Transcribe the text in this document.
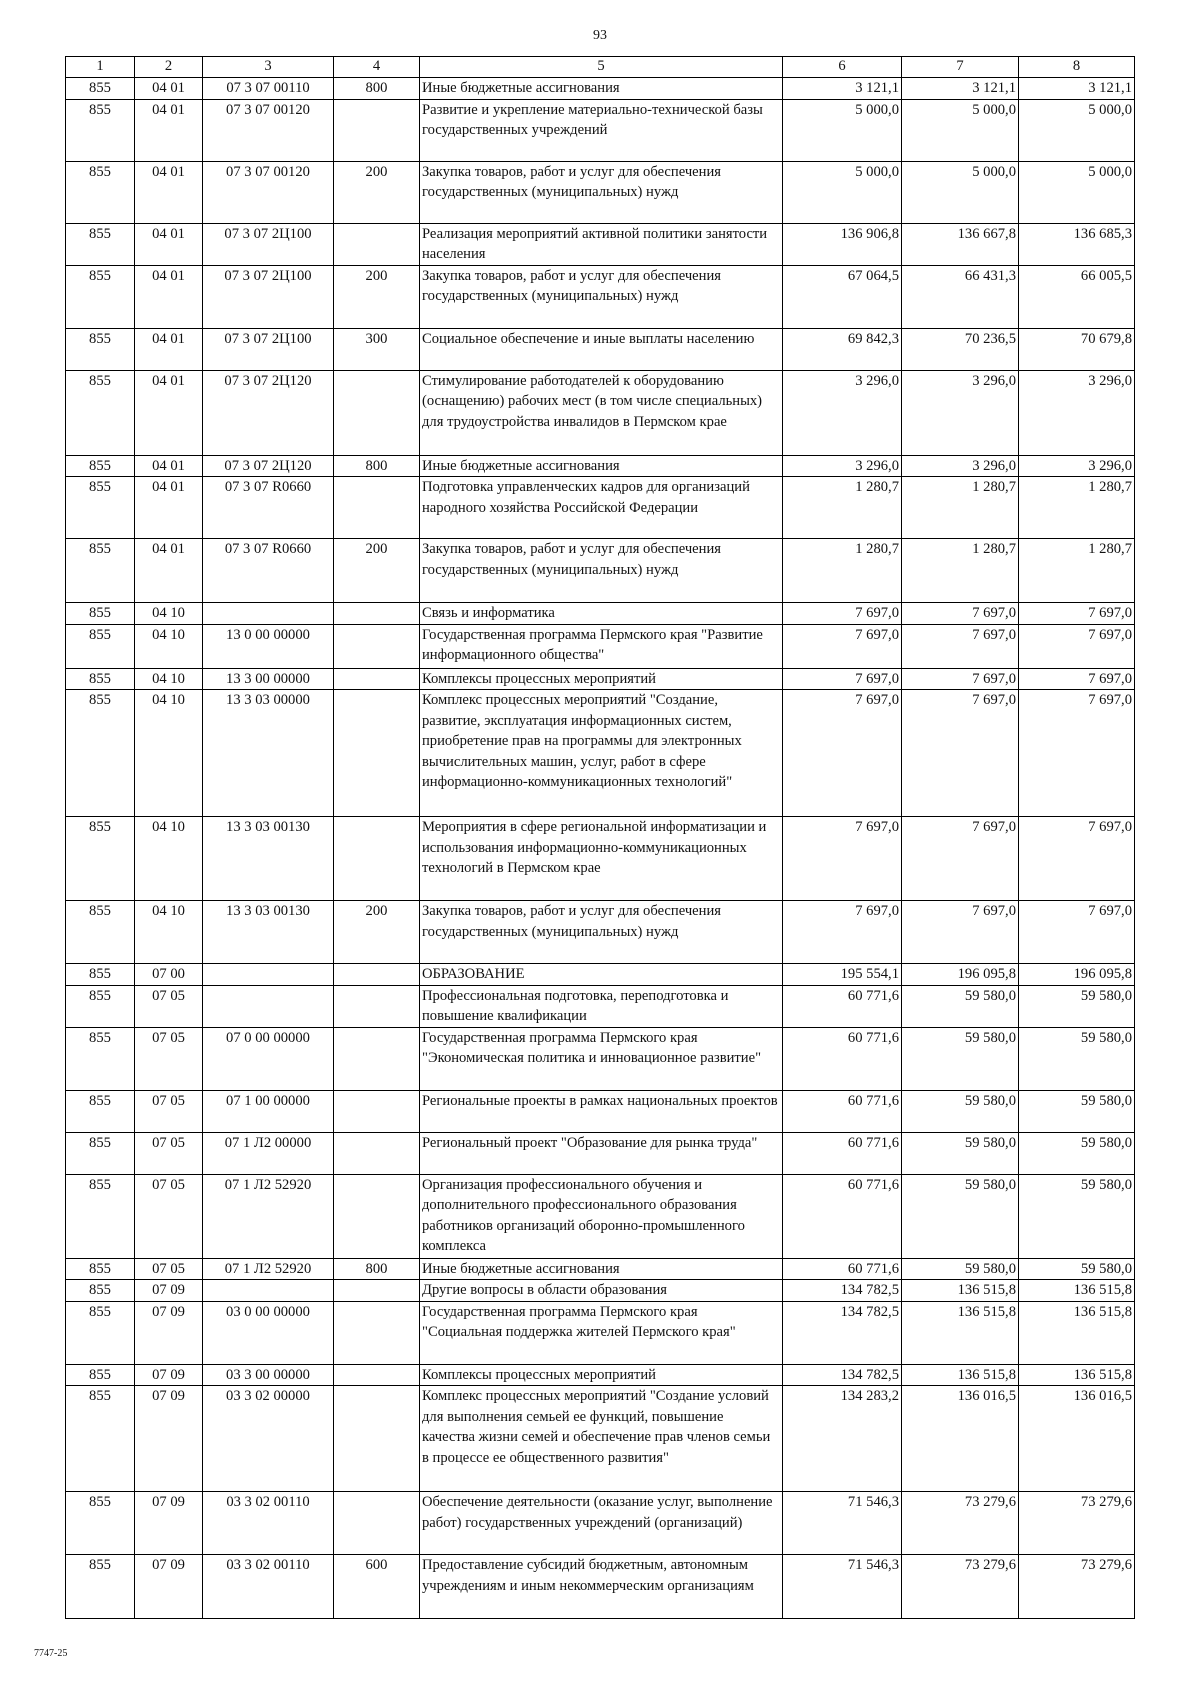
93
1	2	3	4	5	6	7	8
855	04 01	07 3 07 00110	800	Иные бюджетные ассигнования	3 121,1	3 121,1	3 121,1
855	04 01	07 3 07 00120		Развитие и укрепление материально-технической базы государственных учреждений	5 000,0	5 000,0	5 000,0
855	04 01	07 3 07 00120	200	Закупка товаров, работ и услуг для обеспечения государственных (муниципальных) нужд	5 000,0	5 000,0	5 000,0
855	04 01	07 3 07 2Ц100		Реализация мероприятий активной политики занятости населения	136 906,8	136 667,8	136 685,3
855	04 01	07 3 07 2Ц100	200	Закупка товаров, работ и услуг для обеспечения государственных (муниципальных) нужд	67 064,5	66 431,3	66 005,5
855	04 01	07 3 07 2Ц100	300	Социальное обеспечение и иные выплаты населению	69 842,3	70 236,5	70 679,8
855	04 01	07 3 07 2Ц120		Стимулирование работодателей к оборудованию (оснащению) рабочих мест (в том числе специальных) для трудоустройства инвалидов в Пермском крае	3 296,0	3 296,0	3 296,0
855	04 01	07 3 07 2Ц120	800	Иные бюджетные ассигнования	3 296,0	3 296,0	3 296,0
855	04 01	07 3 07 R0660		Подготовка управленческих кадров для организаций народного хозяйства Российской Федерации	1 280,7	1 280,7	1 280,7
855	04 01	07 3 07 R0660	200	Закупка товаров, работ и услуг для обеспечения государственных (муниципальных) нужд	1 280,7	1 280,7	1 280,7
855	04 10			Связь и информатика	7 697,0	7 697,0	7 697,0
855	04 10	13 0 00 00000		Государственная программа Пермского края "Развитие информационного общества"	7 697,0	7 697,0	7 697,0
855	04 10	13 3 00 00000		Комплексы процессных мероприятий	7 697,0	7 697,0	7 697,0
855	04 10	13 3 03 00000		Комплекс процессных мероприятий "Создание, развитие, эксплуатация информационных систем, приобретение прав на программы для электронных вычислительных машин, услуг, работ в сфере информационно-коммуникационных технологий"	7 697,0	7 697,0	7 697,0
855	04 10	13 3 03 00130		Мероприятия в сфере региональной информатизации и использования информационно-коммуникационных технологий в Пермском крае	7 697,0	7 697,0	7 697,0
855	04 10	13 3 03 00130	200	Закупка товаров, работ и услуг для обеспечения государственных (муниципальных) нужд	7 697,0	7 697,0	7 697,0
855	07 00			ОБРАЗОВАНИЕ	195 554,1	196 095,8	196 095,8
855	07 05			Профессиональная подготовка, переподготовка и повышение квалификации	60 771,6	59 580,0	59 580,0
855	07 05	07 0 00 00000		Государственная программа Пермского края "Экономическая политика и инновационное развитие"	60 771,6	59 580,0	59 580,0
855	07 05	07 1 00 00000		Региональные проекты в рамках национальных проектов	60 771,6	59 580,0	59 580,0
855	07 05	07 1 Л2 00000		Региональный проект "Образование для рынка труда"	60 771,6	59 580,0	59 580,0
855	07 05	07 1 Л2 52920		Организация профессионального обучения и дополнительного профессионального образования работников организаций оборонно-промышленного комплекса	60 771,6	59 580,0	59 580,0
855	07 05	07 1 Л2 52920	800	Иные бюджетные ассигнования	60 771,6	59 580,0	59 580,0
855	07 09			Другие вопросы в области образования	134 782,5	136 515,8	136 515,8
855	07 09	03 0 00 00000		Государственная программа Пермского края "Социальная поддержка жителей Пермского края"	134 782,5	136 515,8	136 515,8
855	07 09	03 3 00 00000		Комплексы процессных мероприятий	134 782,5	136 515,8	136 515,8
855	07 09	03 3 02 00000		Комплекс процессных мероприятий "Создание условий для выполнения семьей ее функций, повышение качества жизни семей и обеспечение прав членов семьи в процессе ее общественного развития"	134 283,2	136 016,5	136 016,5
855	07 09	03 3 02 00110		Обеспечение деятельности (оказание услуг, выполнение работ) государственных учреждений (организаций)	71 546,3	73 279,6	73 279,6
855	07 09	03 3 02 00110	600	Предоставление субсидий бюджетным, автономным учреждениям и иным некоммерческим организациям	71 546,3	73 279,6	73 279,6
7747-25
